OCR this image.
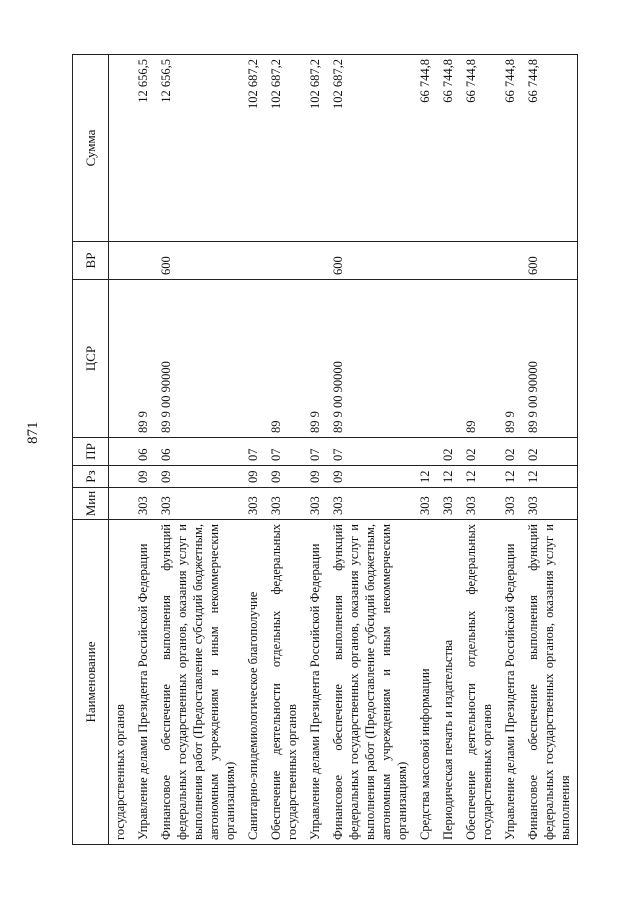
871
Наименование	Мин	Рз	ПР	ЦСР	ВР	Сумма
государственных органов						
Управление делами Президента Российской Федерации	303	09	06	89 9		12 656,5
Финансовое обеспечение выполнения функций федеральных государственных органов, оказания услуг и выполнения работ (Предоставление субсидий бюджетным, автономным учреждениям и иным некоммерческим организациям)	303	09	06	89 9 00 90000	600	12 656,5
Санитарно-эпидемиологическое благополучие	303	09	07			102 687,2
Обеспечение деятельности отдельных федеральных государственных органов	303	09	07	89		102 687,2
Управление делами Президента Российской Федерации	303	09	07	89 9		102 687,2
Финансовое обеспечение выполнения функций федеральных государственных органов, оказания услуг и выполнения работ (Предоставление субсидий бюджетным, автономным учреждениям и иным некоммерческим организациям)	303	09	07	89 9 00 90000	600	102 687,2
Средства массовой информации	303	12				66 744,8
Периодическая печать и издательства	303	12	02			66 744,8
Обеспечение деятельности отдельных федеральных государственных органов	303	12	02	89		66 744,8
Управление делами Президента Российской Федерации	303	12	02	89 9		66 744,8
Финансовое обеспечение выполнения функций федеральных государственных органов, оказания услуг и выполнения	303	12	02	89 9 00 90000	600	66 744,8
